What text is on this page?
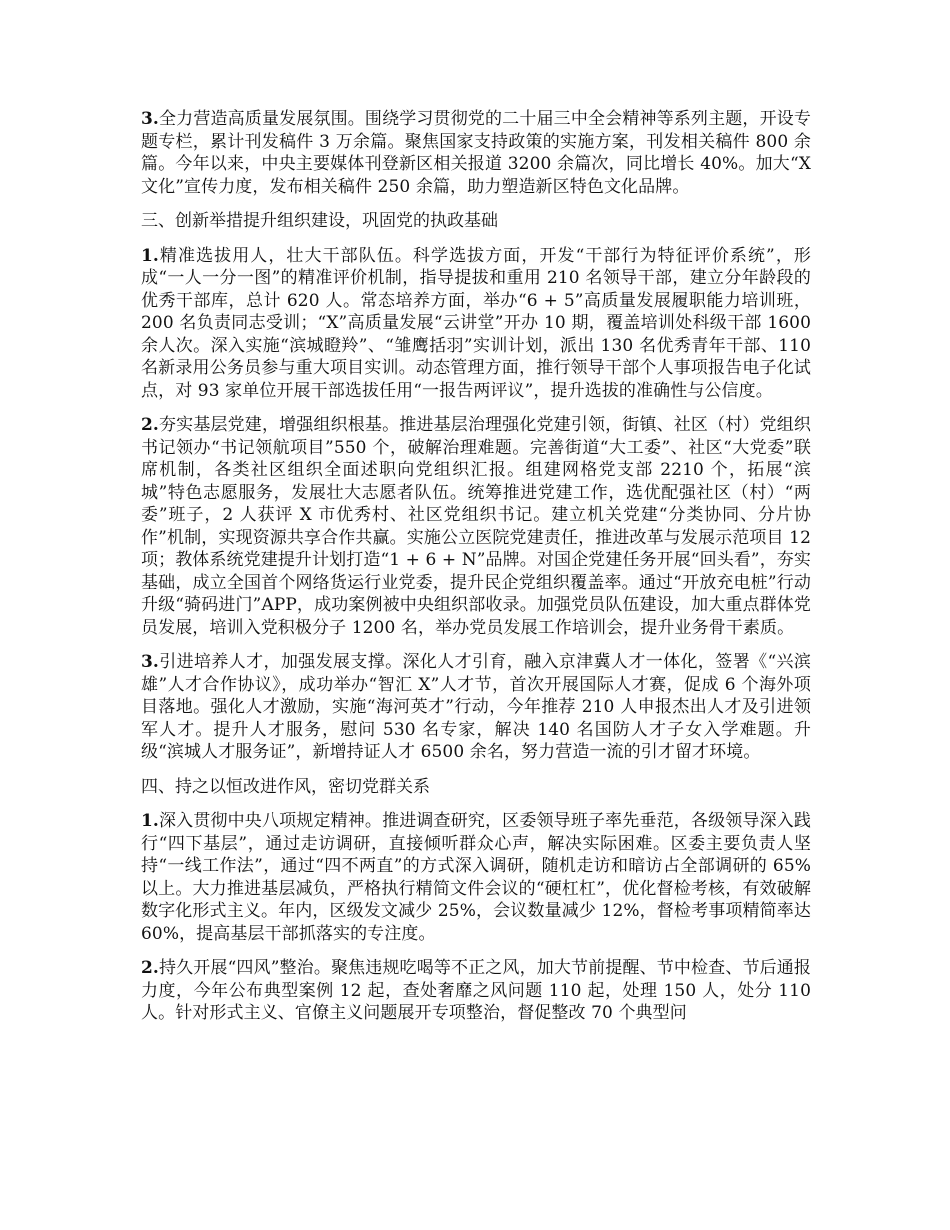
3.全力营造高质量发展氛围。围绕学习贯彻党的二十届三中全会精神等系列主题，开设专题专栏，累计刊发稿件 3 万余篇。聚焦国家支持政策的实施方案，刊发相关稿件 800 余篇。今年以来，中央主要媒体刊登新区相关报道 3200 余篇次，同比增长 40%。加大“X 文化”宣传力度，发布相关稿件 250 余篇，助力塑造新区特色文化品牌。

三、创新举措提升组织建设，巩固党的执政基础

1.精准选拔用人，壮大干部队伍。科学选拔方面，开发“干部行为特征评价系统”，形成“一人一分一图”的精准评价机制，指导提拔和重用 210 名领导干部，建立分年龄段的优秀干部库，总计 620 人。常态培养方面，举办“6 + 5”高质量发展履职能力培训班，200 名负责同志受训；“X”高质量发展“云讲堂”开办 10 期，覆盖培训处科级干部 1600 余人次。深入实施“滨城瞪羚”、“雏鹰括羽”实训计划，派出 130 名优秀青年干部、110 名新录用公务员参与重大项目实训。动态管理方面，推行领导干部个人事项报告电子化试点，对 93 家单位开展干部选拔任用“一报告两评议”，提升选拔的准确性与公信度。

2.夯实基层党建，增强组织根基。推进基层治理强化党建引领，街镇、社区（村）党组织书记领办“书记领航项目”550 个，破解治理难题。完善街道“大工委”、社区“大党委”联席机制，各类社区组织全面述职向党组织汇报。组建网格党支部 2210 个，拓展“滨城”特色志愿服务，发展壮大志愿者队伍。统筹推进党建工作，选优配强社区（村）“两委”班子，2 人获评 X 市优秀村、社区党组织书记。建立机关党建“分类协同、分片协作”机制，实现资源共享合作共赢。实施公立医院党建责任，推进改革与发展示范项目 12 项；教体系统党建提升计划打造“1 + 6 + N”品牌。对国企党建任务开展“回头看”，夯实基础，成立全国首个网络货运行业党委，提升民企党组织覆盖率。通过“开放充电桩”行动升级“骑码进门”APP，成功案例被中央组织部收录。加强党员队伍建设，加大重点群体党员发展，培训入党积极分子 1200 名，举办党员发展工作培训会，提升业务骨干素质。

3.引进培养人才，加强发展支撑。深化人才引育，融入京津冀人才一体化，签署《“兴滨雄”人才合作协议》，成功举办“智汇 X”人才节，首次开展国际人才赛，促成 6 个海外项目落地。强化人才激励，实施“海河英才”行动，今年推荐 210 人申报杰出人才及引进领军人才。提升人才服务，慰问 530 名专家，解决 140 名国防人才子女入学难题。升级“滨城人才服务证”，新增持证人才 6500 余名，努力营造一流的引才留才环境。

四、持之以恒改进作风，密切党群关系

1.深入贯彻中央八项规定精神。推进调查研究，区委领导班子率先垂范，各级领导深入践行“四下基层”，通过走访调研，直接倾听群众心声，解决实际困难。区委主要负责人坚持“一线工作法”，通过“四不两直”的方式深入调研，随机走访和暗访占全部调研的 65%以上。大力推进基层减负，严格执行精简文件会议的“硬杠杠”，优化督检考核，有效破解数字化形式主义。年内，区级发文减少 25%，会议数量减少 12%，督检考事项精简率达 60%，提高基层干部抓落实的专注度。

2.持久开展“四风”整治。聚焦违规吃喝等不正之风，加大节前提醒、节中检查、节后通报力度，今年公布典型案例 12 起，查处奢靡之风问题 110 起，处理 150 人，处分 110 人。针对形式主义、官僚主义问题展开专项整治，督促整改 70 个典型问
